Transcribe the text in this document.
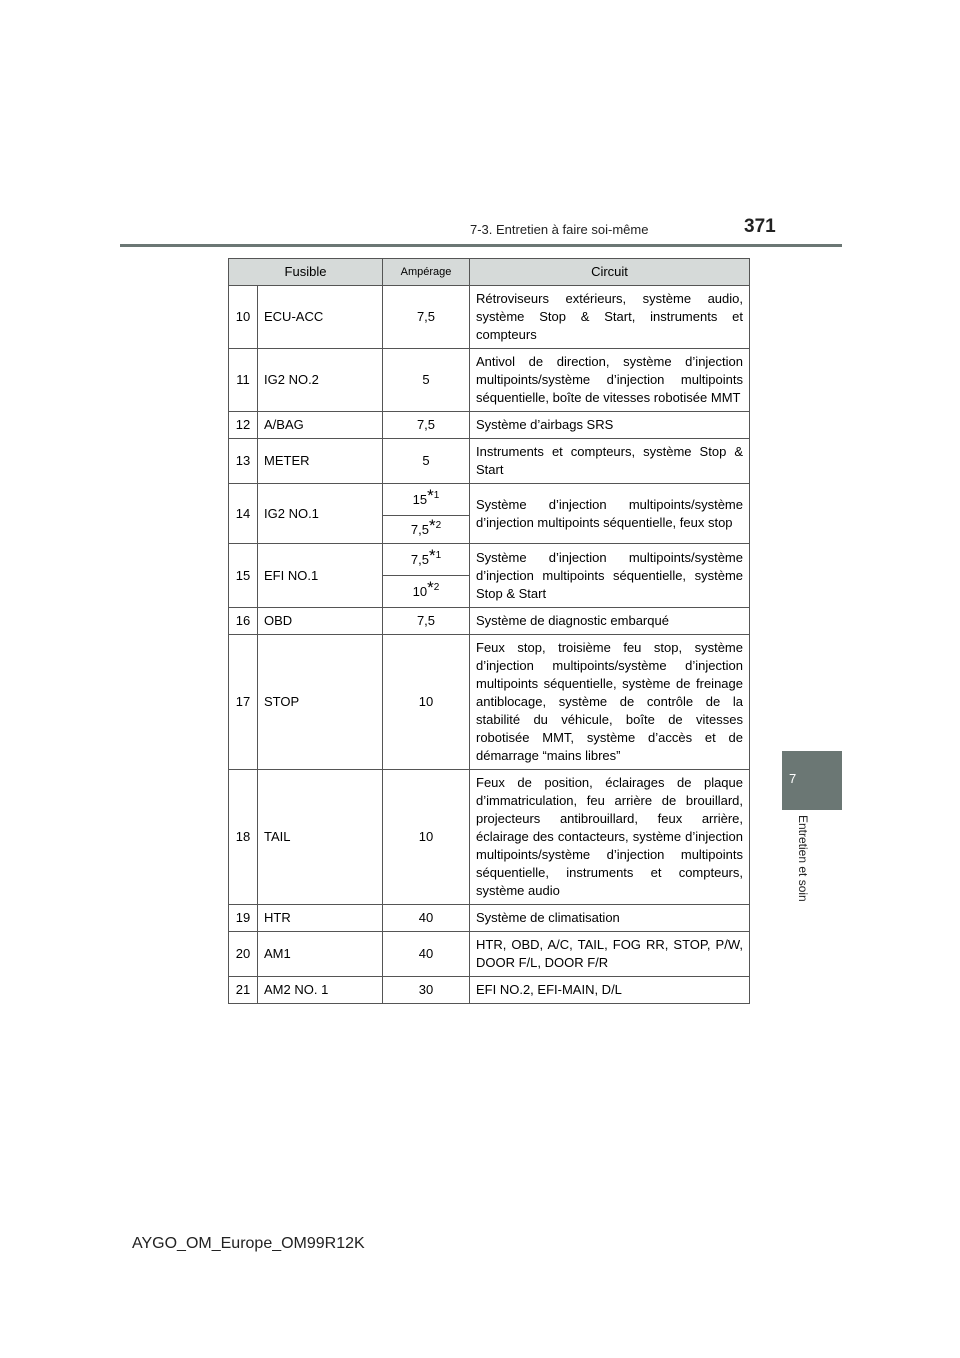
7-3. Entretien à faire soi-même	371
7
Entretien et soin
Fusible		Ampérage	Circuit
10	ECU-ACC	7,5	Rétroviseurs extérieurs, système audio, système Stop & Start, instruments et compteurs
11	IG2 NO.2	5	Antivol de direction, système d’injection multipoints/système d’injection multipoints séquentielle, boîte de vitesses robotisée MMT
12	A/BAG	7,5	Système d’airbags SRS
13	METER	5	Instruments et compteurs, système Stop & Start
14	IG2 NO.1	15$^{*1}$	Système d’injection multipoints/système d’injection multipoints séquentielle, feux stop
		7,5$^{*2}$
15	EFI NO.1	7,5$^{*1}$	Système d’injection multipoints/système d’injection multipoints séquentielle, système Stop & Start
		10$^{*2}$
16	OBD	7,5	Système de diagnostic embarqué
17	STOP	10	Feux stop, troisième feu stop, système d’injection multipoints/système d’injection multipoints séquentielle, système de freinage antiblocage, système de contrôle de la stabilité du véhicule, boîte de vitesses robotisée MMT, système d’accès et de démarrage “mains libres”
18	TAIL	10	Feux de position, éclairages de plaque d’immatriculation, feu arrière de brouillard, projecteurs antibrouillard, feux arrière, éclairage des contacteurs, système d’injection multipoints/système d’injection multipoints séquentielle, instruments et compteurs, système audio
19	HTR	40	Système de climatisation
20	AM1	40	HTR, OBD, A/C, TAIL, FOG RR, STOP, P/W, DOOR F/L, DOOR F/R
21	AM2 NO. 1	30	EFI NO.2, EFI-MAIN, D/L
AYGO_OM_Europe_OM99R12K
